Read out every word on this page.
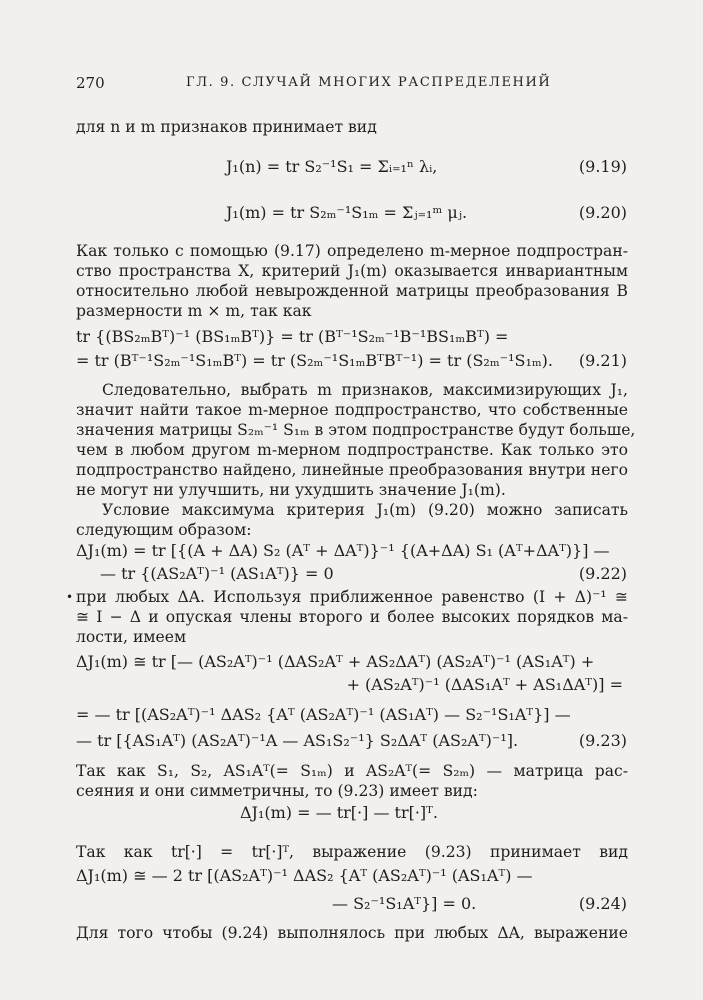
270	ГЛ. 9. СЛУЧАЙ МНОГИХ РАСПРЕДЕЛЕНИЙ
для n и m признаков принимает вид
J₁(n) = tr S₂⁻¹S₁ = Σᵢ₌₁ⁿ λᵢ,	(9.19)
J₁(m) = tr S₂ₘ⁻¹S₁ₘ = Σⱼ₌₁ᵐ μⱼ.	(9.20)
Как только с помощью (9.17) определено m-мерное подпростран-
ство пространства X, критерий J₁(m) оказывается инвариантным
относительно любой невырожденной матрицы преобразования B
размерности m × m, так как
tr {(BS₂ₘBᵀ)⁻¹ (BS₁ₘBᵀ)} = tr (Bᵀ⁻¹S₂ₘ⁻¹B⁻¹BS₁ₘBᵀ) =
= tr (Bᵀ⁻¹S₂ₘ⁻¹S₁ₘBᵀ) = tr (S₂ₘ⁻¹S₁ₘBᵀBᵀ⁻¹) = tr (S₂ₘ⁻¹S₁ₘ). (9.21)
Следовательно, выбрать m признаков, максимизирующих J₁,
значит найти такое m-мерное подпространство, что собственные
значения матрицы S₂ₘ⁻¹ S₁ₘ в этом подпространстве будут больше,
чем в любом другом m-мерном подпространстве. Как только это
подпространство найдено, линейные преобразования внутри него
не могут ни улучшить, ни ухудшить значение J₁(m).
Условие максимума критерия J₁(m) (9.20) можно записать
следующим образом:
ΔJ₁(m) = tr [{(A + ΔA) S₂ (Aᵀ + ΔAᵀ)}⁻¹ {(A+ΔA) S₁ (Aᵀ+ΔAᵀ)}] —
— tr {(AS₂Aᵀ)⁻¹ (AS₁Aᵀ)} = 0	(9.22)
• при любых ΔA. Используя приближенное равенство (I + Δ)⁻¹ ≅
≅ I − Δ и опуская члены второго и более высоких порядков ма-
лости, имеем
ΔJ₁(m) ≅ tr [— (AS₂Aᵀ)⁻¹ (ΔAS₂Aᵀ + AS₂ΔAᵀ) (AS₂Aᵀ)⁻¹ (AS₁Aᵀ) +
+ (AS₂Aᵀ)⁻¹ (ΔAS₁Aᵀ + AS₁ΔAᵀ)] =
= — tr [(AS₂Aᵀ)⁻¹ ΔAS₂ {Aᵀ (AS₂Aᵀ)⁻¹ (AS₁Aᵀ) — S₂⁻¹S₁Aᵀ}] —
— tr [{AS₁Aᵀ) (AS₂Aᵀ)⁻¹A — AS₁S₂⁻¹} S₂ΔAᵀ (AS₂Aᵀ)⁻¹].	(9.23)
Так как S₁, S₂, AS₁Aᵀ(= S₁ₘ) и AS₂Aᵀ(= S₂ₘ) — матрица рас-
сеяния и они симметричны, то (9.23) имеет вид:
ΔJ₁(m) = — tr[·] — tr[·]ᵀ.
Так как tr[·] = tr[·]ᵀ, выражение (9.23) принимает вид
ΔJ₁(m) ≅ — 2 tr [(AS₂Aᵀ)⁻¹ ΔAS₂ {Aᵀ (AS₂Aᵀ)⁻¹ (AS₁Aᵀ) —
— S₂⁻¹S₁Aᵀ}] = 0.	(9.24)
Для того чтобы (9.24) выполнялось при любых ΔA, выражение
